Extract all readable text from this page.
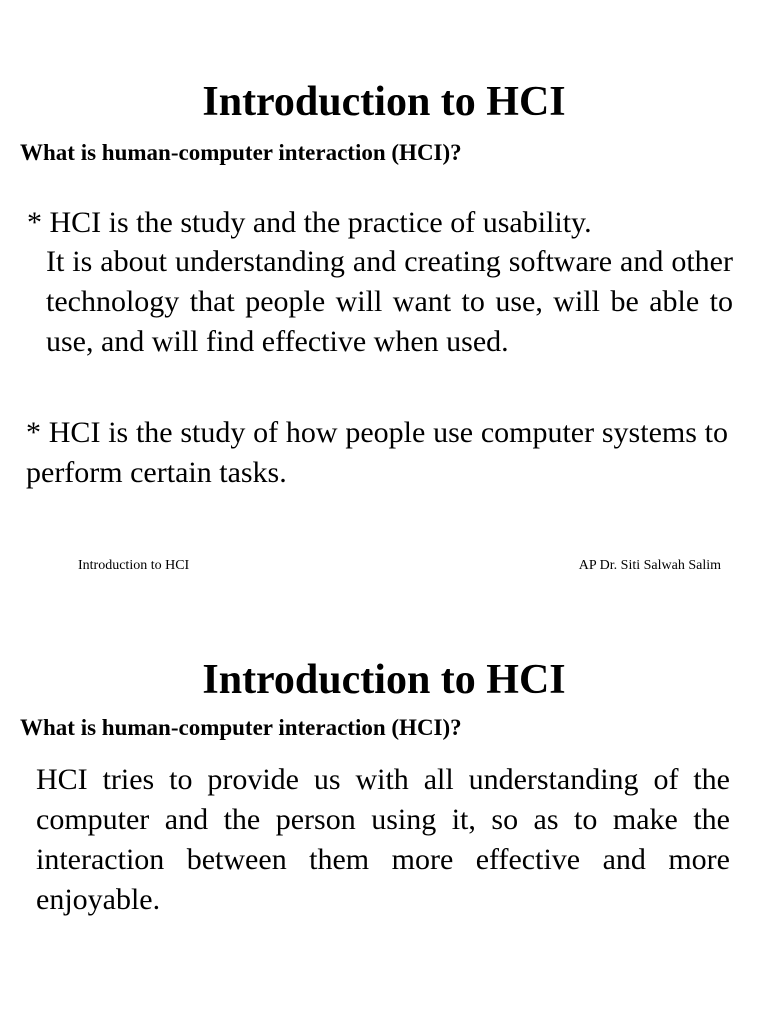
Introduction to HCI
What is human-computer interaction (HCI)?

* HCI is the study and the practice of usability.

It is about understanding and creating software and other technology that people will want to use, will be able to use, and will find effective when used.

* HCI is the study of how people use computer systems to perform certain tasks.

Introduction to HCI	AP Dr. Siti Salwah Salim
Introduction to HCI
What is human-computer interaction (HCI)?

HCI tries to provide us with all understanding of the computer and the person using it, so as to make the interaction between them more effective and more enjoyable.
